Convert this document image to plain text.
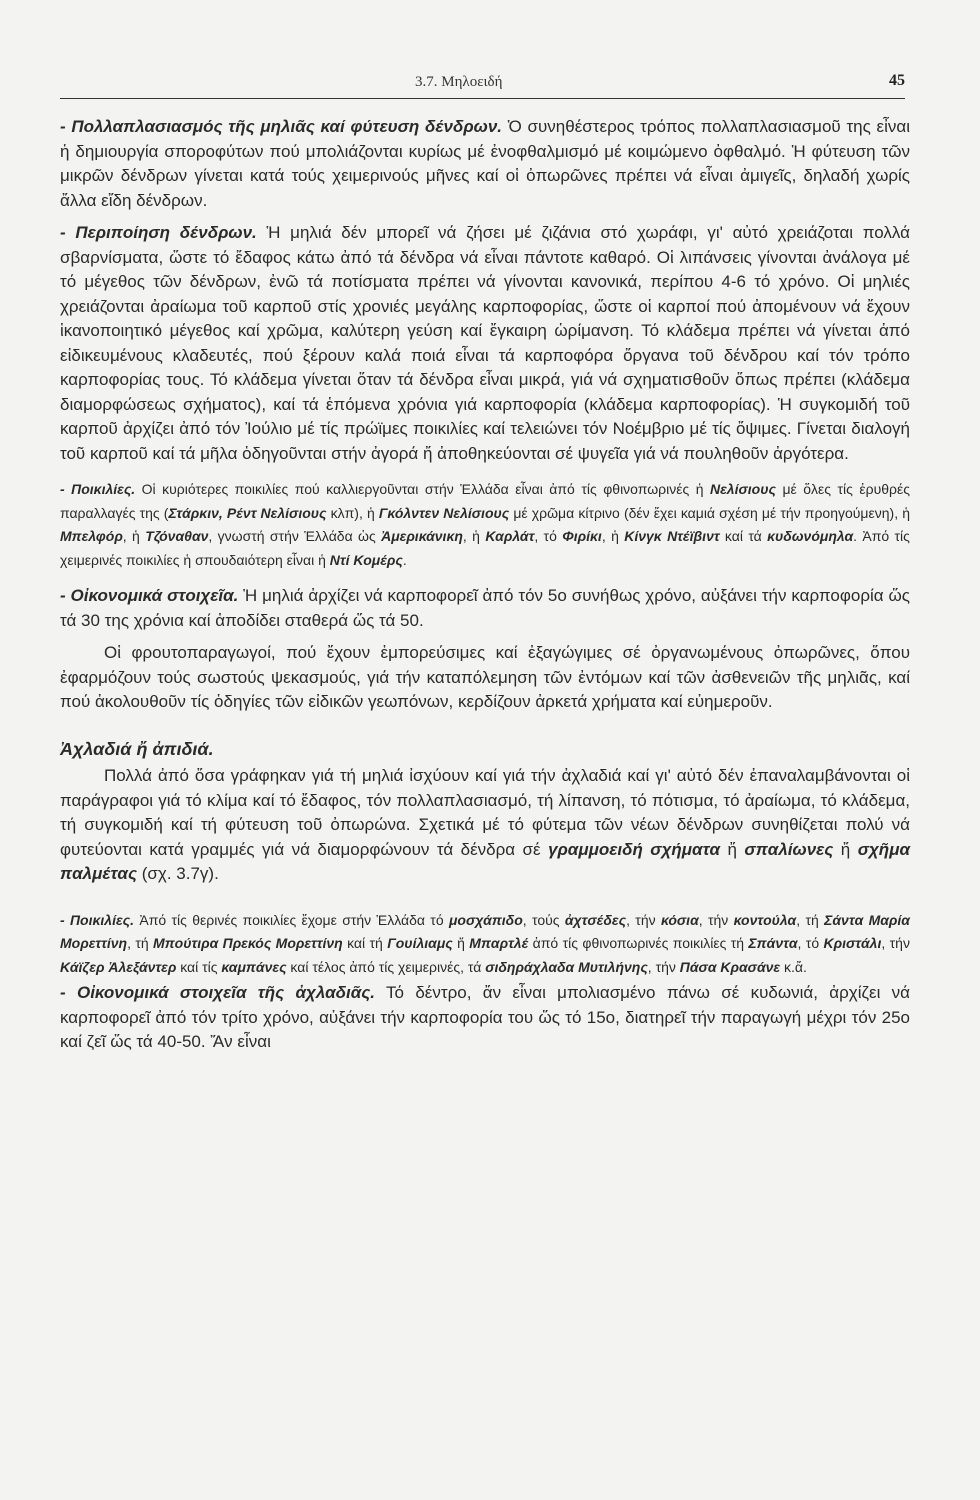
3.7. Μηλοειδή	45

- Πολλαπλασιασμός τῆς μηλιᾶς καί φύτευση δένδρων. Ὁ συνηθέστερος τρόπος πολλαπλασιασμοῦ της εἶναι ἡ δημιουργία σποροφύτων πού μπολιάζονται κυρίως μέ ἐνοφθαλμισμό μέ κοιμώμενο ὀφθαλμό. Ἡ φύτευση τῶν μικρῶν δένδρων γίνεται κατά τούς χειμερινούς μῆνες καί οἱ ὀπωρῶνες πρέπει νά εἶναι ἀμιγεῖς, δηλαδή χωρίς ἄλλα εἴδη δένδρων.

- Περιποίηση δένδρων. Ἡ μηλιά δέν μπορεῖ νά ζήσει μέ ζιζάνια στό χωράφι, γι' αὐτό χρειάζοται πολλά σβαρνίσματα, ὥστε τό ἔδαφος κάτω ἀπό τά δένδρα νά εἶναι πάντοτε καθαρό. Οἱ λιπάνσεις γίνονται ἀνάλογα μέ τό μέγεθος τῶν δένδρων, ἐνῶ τά ποτίσματα πρέπει νά γίνονται κανονικά, περίπου 4-6 τό χρόνο. Οἱ μηλιές χρειάζονται ἀραίωμα τοῦ καρποῦ στίς χρονιές μεγάλης καρποφορίας, ὥστε οἱ καρποί πού ἀπομένουν νά ἔχουν ἱκανοποιητικό μέγεθος καί χρῶμα, καλύτερη γεύση καί ἔγκαιρη ὡρίμανση. Τό κλάδεμα πρέπει νά γίνεται ἀπό εἰδικευμένους κλαδευτές, πού ξέρουν καλά ποιά εἶναι τά καρποφόρα ὄργανα τοῦ δένδρου καί τόν τρόπο καρποφορίας τους. Τό κλάδεμα γίνεται ὅταν τά δένδρα εἶναι μικρά, γιά νά σχηματισθοῦν ὅπως πρέπει (κλάδεμα διαμορφώσεως σχήματος), καί τά ἑπόμενα χρόνια γιά καρποφορία (κλάδεμα καρποφορίας). Ἡ συγκομιδή τοῦ καρποῦ ἀρχίζει ἀπό τόν Ἰούλιο μέ τίς πρώϊμες ποικιλίες καί τελειώνει τόν Νοέμβριο μέ τίς ὄψιμες. Γίνεται διαλογή τοῦ καρποῦ καί τά μῆλα ὁδηγοῦνται στήν ἀγορά ἤ ἀποθηκεύονται σέ ψυγεῖα γιά νά πουληθοῦν ἀργότερα.

- Ποικιλίες. Οἱ κυριότερες ποικιλίες πού καλλιεργοῦνται στήν Ἑλλάδα εἶναι ἀπό τίς φθινοπωρινές ἡ Νελίσιους μέ ὅλες τίς ἐρυθρές παραλλαγές της (Στάρκιν, Ρέντ Νελίσιους κλπ), ἡ Γκόλντεν Νελίσιους μέ χρῶμα κίτρινο (δέν ἔχει καμιά σχέση μέ τήν προηγούμενη), ἡ Μπελφόρ, ἡ Τζόναθαν, γνωστή στήν Ἑλλάδα ὡς Ἀμερικάνικη, ἡ Καρλάτ, τό Φιρίκι, ἡ Κίνγκ Ντέϊβιντ καί τά κυδωνόμηλα. Ἀπό τίς χειμερινές ποικιλίες ἡ σπουδαιότερη εἶναι ἡ Ντί Κομέρς.

- Οἰκονομικά στοιχεῖα. Ἡ μηλιά ἀρχίζει νά καρποφορεῖ ἀπό τόν 5ο συνήθως χρόνο, αὐξάνει τήν καρποφορία ὥς τά 30 της χρόνια καί ἀποδίδει σταθερά ὥς τά 50.

Οἱ φρουτοπαραγωγοί, πού ἔχουν ἐμπορεύσιμες καί ἐξαγώγιμες σέ ὀργανωμένους ὀπωρῶνες, ὅπου ἐφαρμόζουν τούς σωστούς ψεκασμούς, γιά τήν καταπόλεμηση τῶν ἐντόμων καί τῶν ἀσθενειῶν τῆς μηλιᾶς, καί πού ἀκολουθοῦν τίς ὁδηγίες τῶν εἰδικῶν γεωπόνων, κερδίζουν ἀρκετά χρήματα καί εὐημεροῦν.

Ἀχλαδιά ἤ ἀπιδιά.

Πολλά ἀπό ὅσα γράφηκαν γιά τή μηλιά ἰσχύουν καί γιά τήν ἀχλαδιά καί γι' αὐτό δέν ἐπαναλαμβάνονται οἱ παράγραφοι γιά τό κλίμα καί τό ἔδαφος, τόν πολλαπλασιασμό, τή λίπανση, τό πότισμα, τό ἀραίωμα, τό κλάδεμα, τή συγκομιδή καί τή φύτευση τοῦ ὀπωρώνα. Σχετικά μέ τό φύτεμα τῶν νέων δένδρων συνηθίζεται πολύ νά φυτεύονται κατά γραμμές γιά νά διαμορφώνουν τά δένδρα σέ γραμμοειδή σχήματα ἤ σπαλίωνες ἤ σχῆμα παλμέτας (σχ. 3.7γ).

- Ποικιλίες. Ἀπό τίς θερινές ποικιλίες ἔχομε στήν Ἑλλάδα τό μοσχάπιδο, τούς ἀχτσέδες, τήν κόσια, τήν κοντούλα, τή Σάντα Μαρία Μορεττίνη, τή Μπούτιρα Πρεκός Μορεττίνη καί τή Γουίλιαμς ἤ Μπαρτλέ ἀπό τίς φθινοπωρινές ποικιλίες τή Σπάντα, τό Κριστάλι, τήν Κάϊζερ Ἀλεξάντερ καί τίς καμπάνες καί τέλος ἀπό τίς χειμερινές, τά σιδηράχλαδα Μυτιλήνης, τήν Πάσα Κρασάνε κ.ἄ.

- Οἰκονομικά στοιχεῖα τῆς ἀχλαδιᾶς. Τό δέντρο, ἄν εἶναι μπολιασμένο πάνω σέ κυδωνιά, ἀρχίζει νά καρποφορεῖ ἀπό τόν τρίτο χρόνο, αὐξάνει τήν καρποφορία του ὥς τό 15ο, διατηρεῖ τήν παραγωγή μέχρι τόν 25ο καί ζεῖ ὥς τά 40-50. Ἄν εἶναι
